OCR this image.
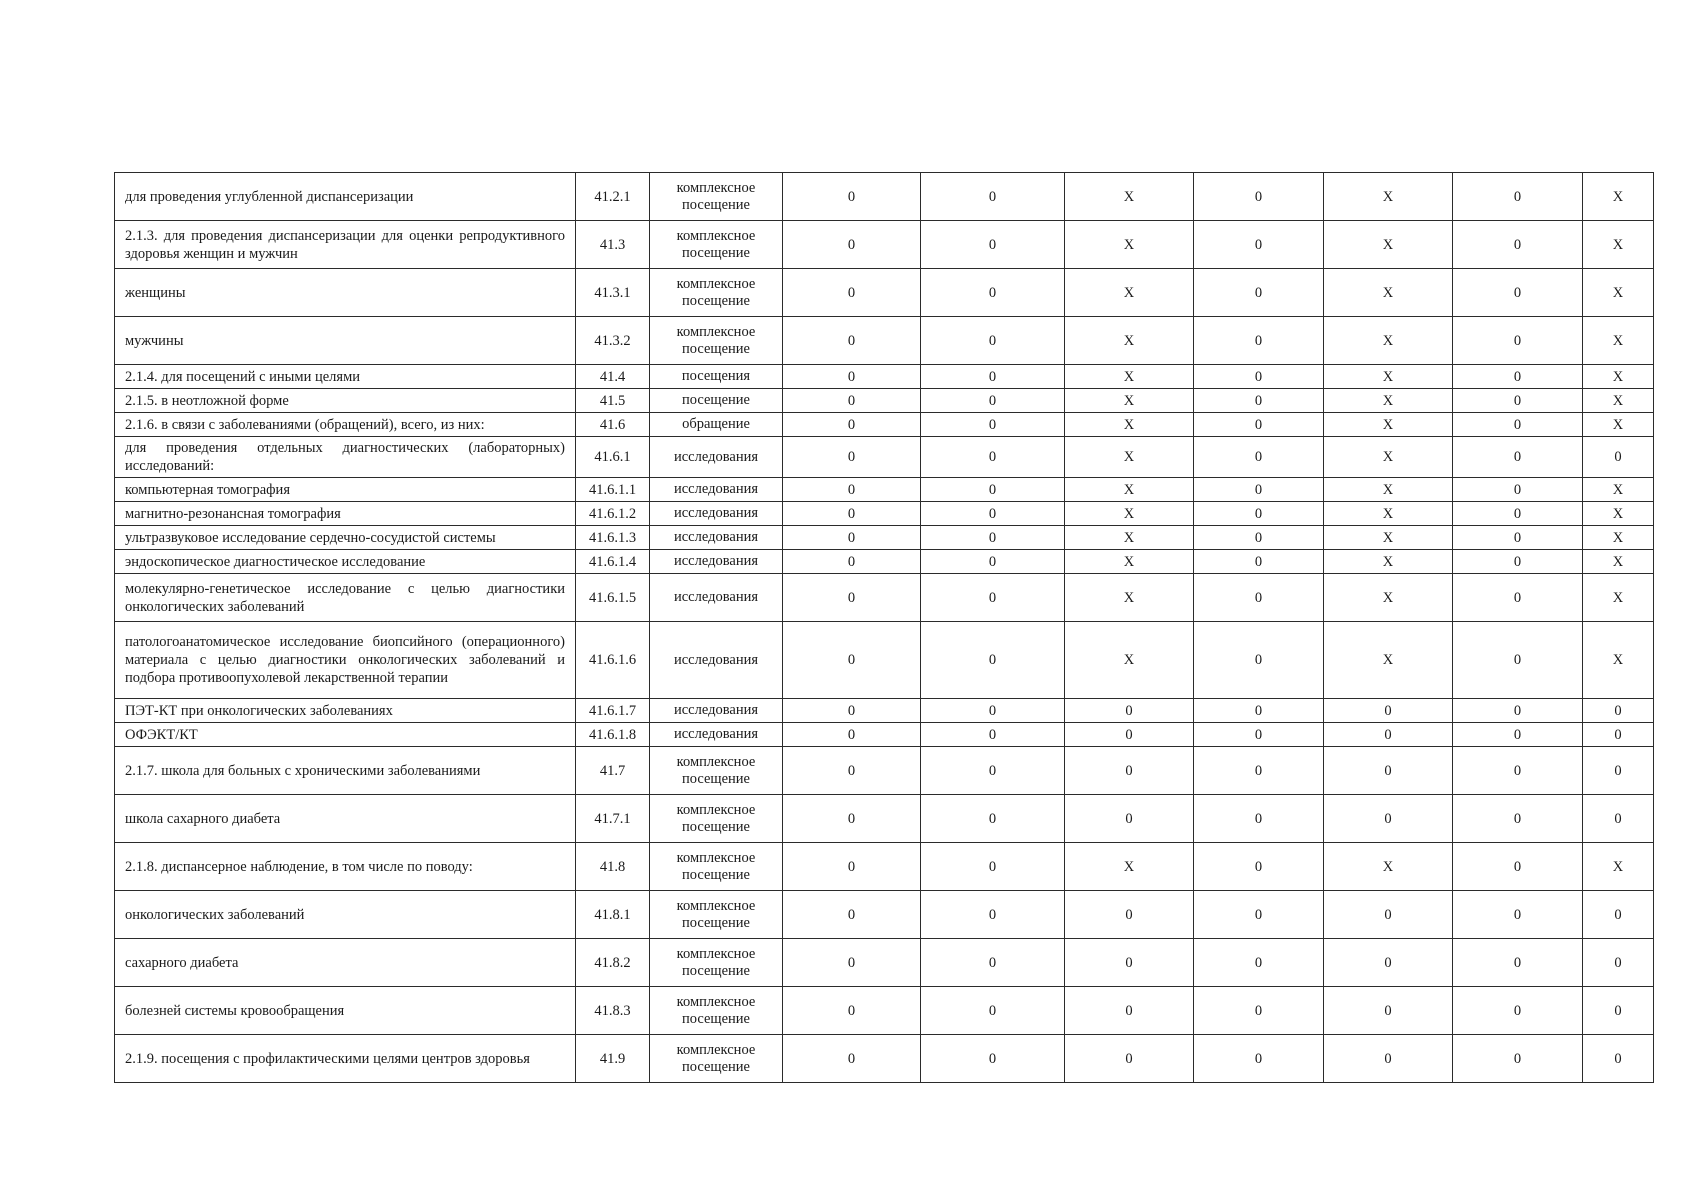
для проведения углубленной диспансеризации	41.2.1	комплексное посещение	0	0	X	0	X	0	X
2.1.3. для проведения диспансеризации для оценки репродуктивного здоровья женщин и мужчин	41.3	комплексное посещение	0	0	X	0	X	0	X
женщины	41.3.1	комплексное посещение	0	0	X	0	X	0	X
мужчины	41.3.2	комплексное посещение	0	0	X	0	X	0	X
2.1.4. для посещений с иными целями	41.4	посещения	0	0	X	0	X	0	X
2.1.5. в неотложной форме	41.5	посещение	0	0	X	0	X	0	X
2.1.6. в связи с заболеваниями (обращений), всего, из них:	41.6	обращение	0	0	X	0	X	0	X
для проведения отдельных диагностических (лабораторных) исследований:	41.6.1	исследования	0	0	X	0	X	0	0
компьютерная томография	41.6.1.1	исследования	0	0	X	0	X	0	X
магнитно-резонансная томография	41.6.1.2	исследования	0	0	X	0	X	0	X
ультразвуковое исследование сердечно-сосудистой системы	41.6.1.3	исследования	0	0	X	0	X	0	X
эндоскопическое диагностическое исследование	41.6.1.4	исследования	0	0	X	0	X	0	X
молекулярно-генетическое исследование с целью диагностики онкологических заболеваний	41.6.1.5	исследования	0	0	X	0	X	0	X
патологоанатомическое исследование биопсийного (операционного) материала с целью диагностики онкологических заболеваний и подбора противоопухолевой лекарственной терапии	41.6.1.6	исследования	0	0	X	0	X	0	X
ПЭТ-КТ при онкологических заболеваниях	41.6.1.7	исследования	0	0	0	0	0	0	0
ОФЭКТ/КТ	41.6.1.8	исследования	0	0	0	0	0	0	0
2.1.7. школа для больных с хроническими заболеваниями	41.7	комплексное посещение	0	0	0	0	0	0	0
школа сахарного диабета	41.7.1	комплексное посещение	0	0	0	0	0	0	0
2.1.8. диспансерное наблюдение, в том числе по поводу:	41.8	комплексное посещение	0	0	X	0	X	0	X
онкологических заболеваний	41.8.1	комплексное посещение	0	0	0	0	0	0	0
сахарного диабета	41.8.2	комплексное посещение	0	0	0	0	0	0	0
болезней системы кровообращения	41.8.3	комплексное посещение	0	0	0	0	0	0	0
2.1.9. посещения с профилактическими целями центров здоровья	41.9	комплексное посещение	0	0	0	0	0	0	0
